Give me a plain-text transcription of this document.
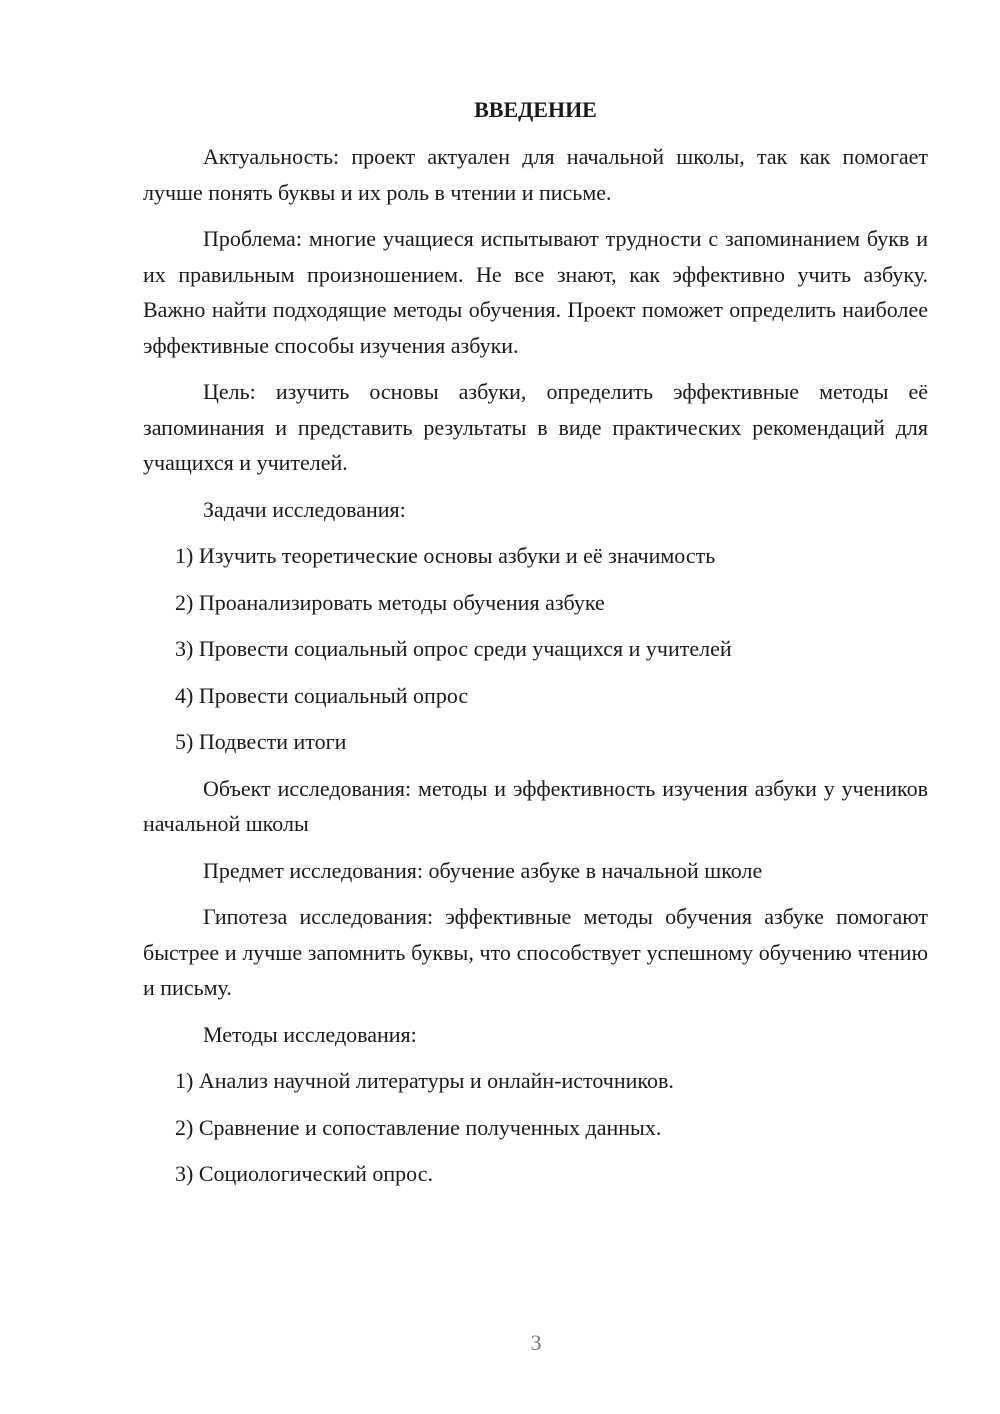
ВВЕДЕНИЕ

Актуальность: проект актуален для начальной школы, так как помогает лучше понять буквы и их роль в чтении и письме.

Проблема: многие учащиеся испытывают трудности с запоминанием букв и их правильным произношением. Не все знают, как эффективно учить азбуку. Важно найти подходящие методы обучения. Проект поможет определить наиболее эффективные способы изучения азбуки.

Цель: изучить основы азбуки, определить эффективные методы её запоминания и представить результаты в виде практических рекомендаций для учащихся и учителей.

Задачи исследования:

1) Изучить теоретические основы азбуки и её значимость

2) Проанализировать методы обучения азбуке

3) Провести социальный опрос среди учащихся и учителей

4) Провести социальный опрос

5) Подвести итоги

Объект исследования: методы и эффективность изучения азбуки у учеников начальной школы

Предмет исследования: обучение азбуке в начальной школе

Гипотеза исследования: эффективные методы обучения азбуке помогают быстрее и лучше запомнить буквы, что способствует успешному обучению чтению и письму.

Методы исследования:

1) Анализ научной литературы и онлайн-источников.

2) Сравнение и сопоставление полученных данных.

3) Социологический опрос.

3
